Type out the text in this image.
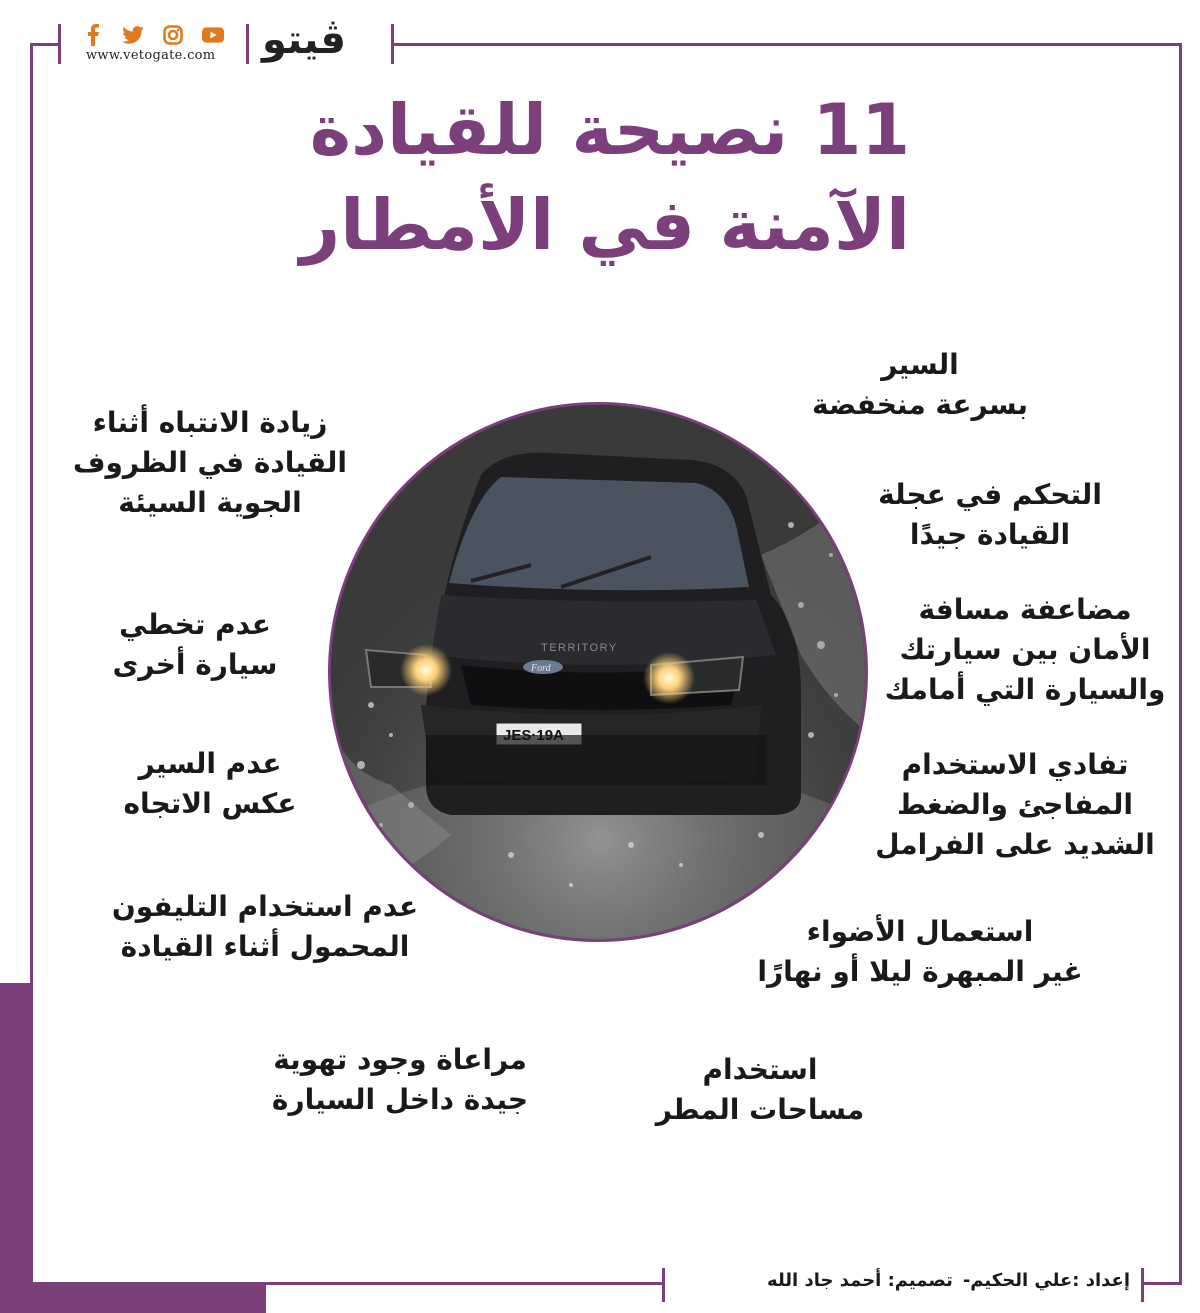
www.vetogate.com ڤيتو
11 نصيحة للقيادة
الآمنة في الأمطار
TERRITORY
Ford
السير
بسرعة منخفضة
التحكم في عجلة
القيادة جيدًا
مضاعفة مسافة
الأمان بين سيارتك
والسيارة التي أمامك
تفادي الاستخدام
المفاجئ والضغط
الشديد على الفرامل
استعمال الأضواء
غير المبهرة ليلا أو نهارًا
استخدام
مساحات المطر
زيادة الانتباه أثناء
القيادة في الظروف
الجوية السيئة
عدم تخطي
سيارة أخرى
عدم السير
عكس الاتجاه
عدم استخدام التليفون
المحمول أثناء القيادة
مراعاة وجود تهوية
جيدة داخل السيارة
إعداد :علي الحكيم-تصميم: أحمد جاد الله
